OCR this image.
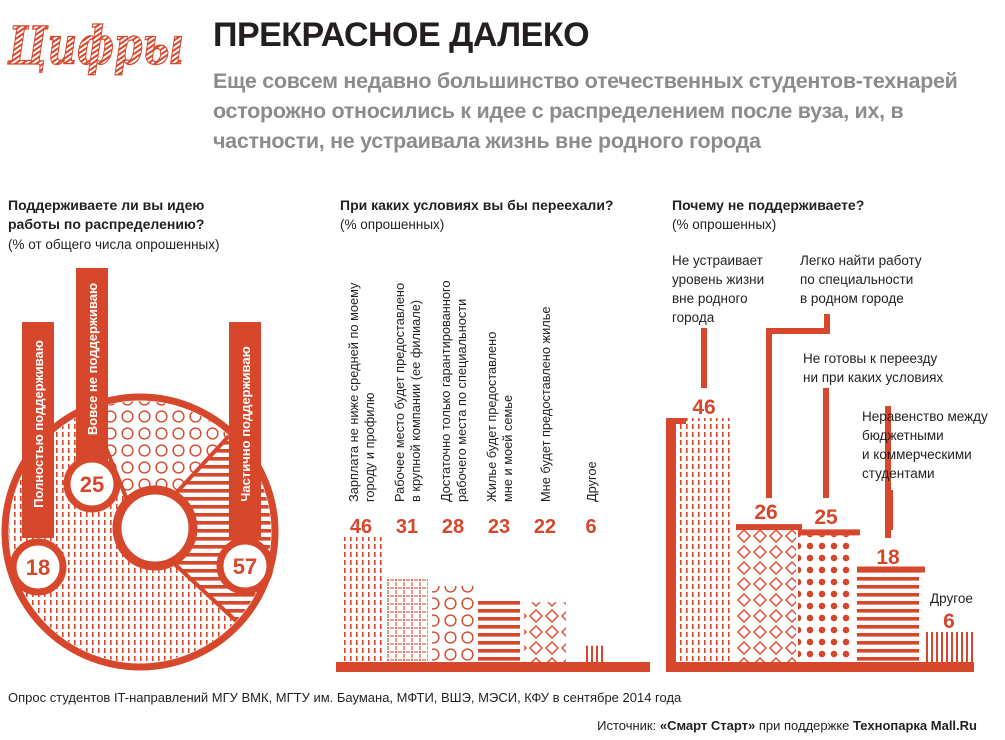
Цифры ПРЕКРАСНОЕ ДАЛЕКО

Еще совсем недавно большинство отечественных студентов-технарей осторожно относились к идее с распределением после вуза, их, в частности, не устраивала жизнь вне родного города

Поддерживаете ли вы идею
работы по распределению?

(% от общего числа опрошенных)

При каких условиях вы бы переехали?

(% опрошенных)

Почему не поддерживаете?

(% опрошенных)

Полностью поддерживаю
18
Вовсе не поддерживаю
25	Частично поддерживаю
57
46
Зарплата не ниже средней по моему городу и профилю
31
Рабочее место будет предоставлено в крупной компании (ее филиале)
28
Достаточно только гарантированного рабочего места по специальности
23
Жилье будет предоставлено мне и моей семье
22
Мне будет предоставлено жилье
6
Другое
46
Не устраивает
уровень жизни
вне родного
города
26
Легко найти работу
по специальности
в родном городе
25
Не готовы к переезду
ни при каких условиях
18
Неравенство между
бюджетными
и коммерческими
студентами
6
Другое

Опрос студентов IT-направлений МГУ ВМК, МГТУ им. Баумана, МФТИ, ВШЭ, МЭСИ, КФУ в сентябре 2014 года

Источник: «Смарт Старт» при поддержке Технопарка Mall.Ru
